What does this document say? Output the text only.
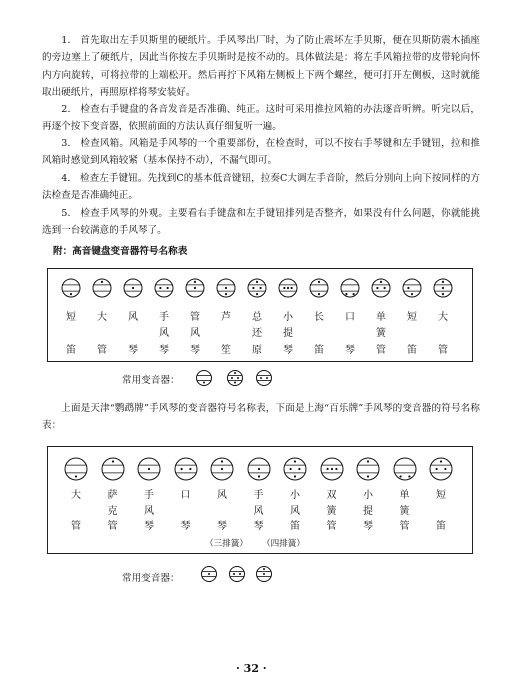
1． 首先取出左手贝斯里的硬纸片。手风琴出厂时，为了防止震坏左手贝斯，便在贝斯防震木插座的旁边塞上了硬纸片，因此当你按左手贝斯时是按不动的。具体做法是：将左手风箱拉带的皮带轮向怀内方向旋转，可将拉带的上端松开。然后再拧下风箱左侧板上下两个螺丝，便可打开左侧板，这时就能取出硬纸片，再照原样将琴安装好。

2． 检查右手键盘的各音发音是否准确、纯正。这时可采用推拉风箱的办法逐音听辨。听完以后，再逐个按下变音器，依照前面的方法认真仔细复听一遍。

3． 检查风箱。风箱是手风琴的一个重要部份，在检查时，可以不按右手琴键和左手键钮，拉和推风箱时感觉到风箱较紧（基本保持不动），不漏气即可。

4． 检查左手键钮。先找到C的基本低音键钮，拉奏C大调左手音阶，然后分别向上向下按同样的方法检查是否准确纯正。

5． 检查手风琴的外观。主要看右手键盘和左手键钮排列是否整齐，如果没有什么问题，你就能挑选到一台较满意的手风琴了。

附：高音键盘变音器符号名称表
短
笛
大
管
风
琴
手
风
琴
管
风
琴
芦
笙
总
还
原
小
提
琴
长
笛
口
琴
单
簧
管
短
笛
大
管
常用变音器：

上面是天津“鹦鹉牌”手风琴的变音器符号名称表，下面是上海“百乐牌”手风琴的变音器的符号名称表：

大
管
萨
克
管
手
风
琴
口
琴
风
琴
手
风
琴
小
风
笛
双
簧
管
小
提
琴
单
簧
管
短
笛
（三排簧） （四排簧）
常用变音器：
· 32 ·
